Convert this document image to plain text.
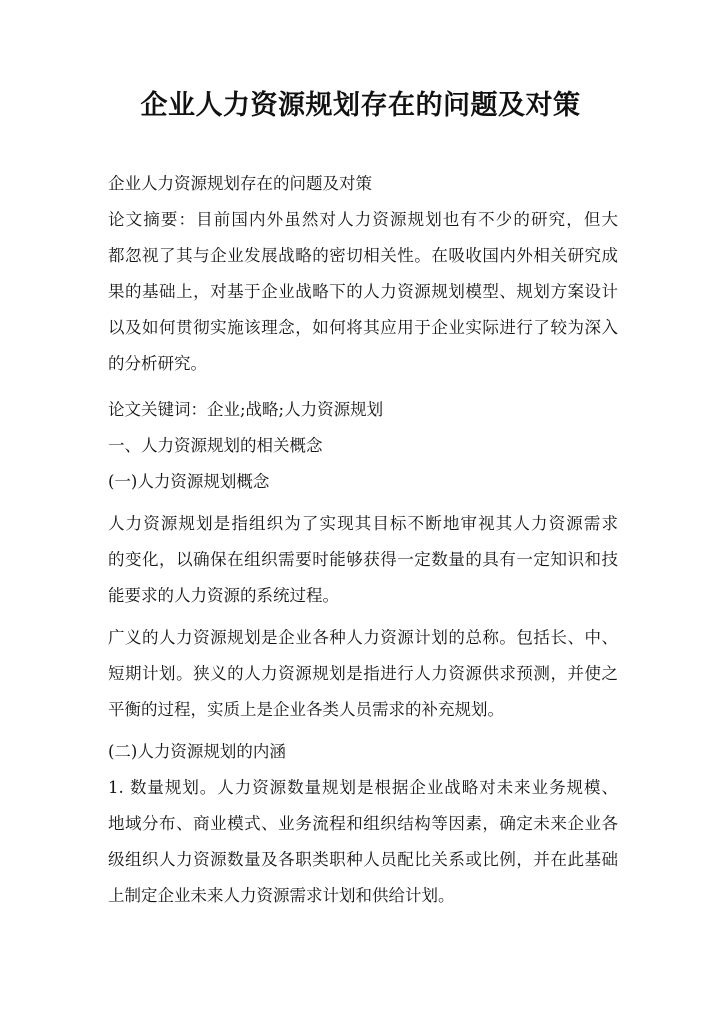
企业人力资源规划存在的问题及对策
企业人力资源规划存在的问题及对策
论文摘要：目前国内外虽然对人力资源规划也有不少的研究，但大
都忽视了其与企业发展战略的密切相关性。在吸收国内外相关研究成
果的基础上，对基于企业战略下的人力资源规划模型、规划方案设计
以及如何贯彻实施该理念，如何将其应用于企业实际进行了较为深入
的分析研究。
论文关键词：企业;战略;人力资源规划
一、人力资源规划的相关概念
(一)人力资源规划概念
人力资源规划是指组织为了实现其目标不断地审视其人力资源需求
的变化，以确保在组织需要时能够获得一定数量的具有一定知识和技
能要求的人力资源的系统过程。
广义的人力资源规划是企业各种人力资源计划的总称。包括长、中、
短期计划。狭义的人力资源规划是指进行人力资源供求预测，并使之
平衡的过程，实质上是企业各类人员需求的补充规划。
(二)人力资源规划的内涵
1. 数量规划。人力资源数量规划是根据企业战略对未来业务规模、
地域分布、商业模式、业务流程和组织结构等因素，确定未来企业各
级组织人力资源数量及各职类职种人员配比关系或比例，并在此基础
上制定企业未来人力资源需求计划和供给计划。
